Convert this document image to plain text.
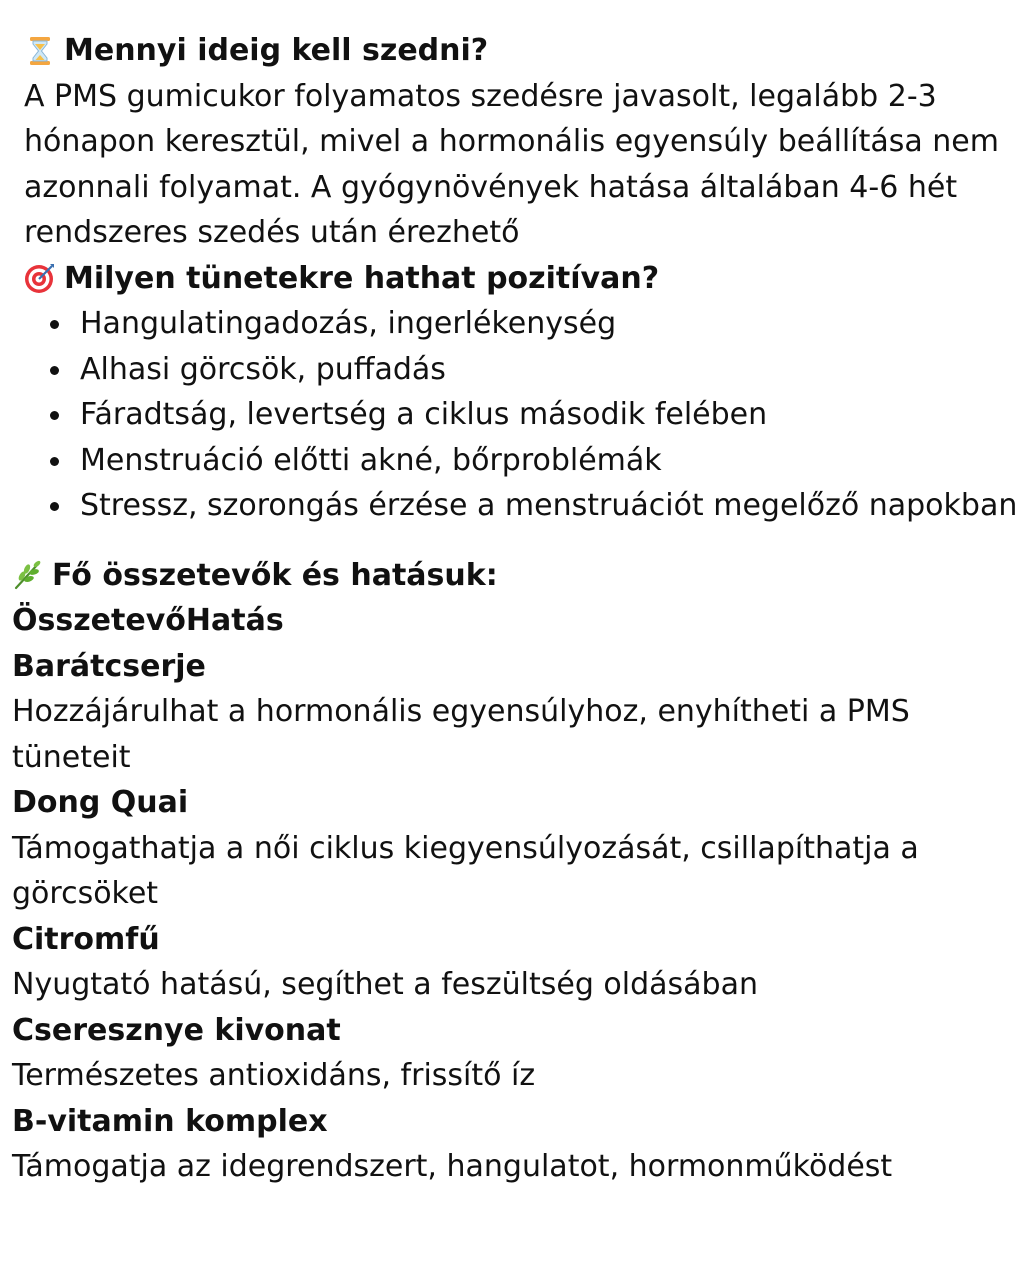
Mennyi ideig kell szedni?

A PMS gumicukor folyamatos szedésre javasolt, legalább 2-3 hónapon keresztül, mivel a hormonális egyensúly beállítása nem azonnali folyamat. A gyógynövények hatása általában 4-6 hét rendszeres szedés után érezhető

Milyen tünetekre hathat pozitívan?
Hangulatingadozás, ingerlékenység
Alhasi görcsök, puffadás
Fáradtság, levertség a ciklus második felében
Menstruáció előtti akné, bőrproblémák
Stressz, szorongás érzése a menstruációt megelőző napokban
Fő összetevők és hatásuk:
ÖsszetevőHatás
Barátcserje
Hozzájárulhat a hormonális egyensúlyhoz, enyhítheti a PMS tüneteit
Dong Quai
Támogathatja a női ciklus kiegyensúlyozását, csillapíthatja a görcsöket
Citromfű
Nyugtató hatású, segíthet a feszültség oldásában
Cseresznye kivonat
Természetes antioxidáns, frissítő íz
B-vitamin komplex
Támogatja az idegrendszert, hangulatot, hormonműködést
